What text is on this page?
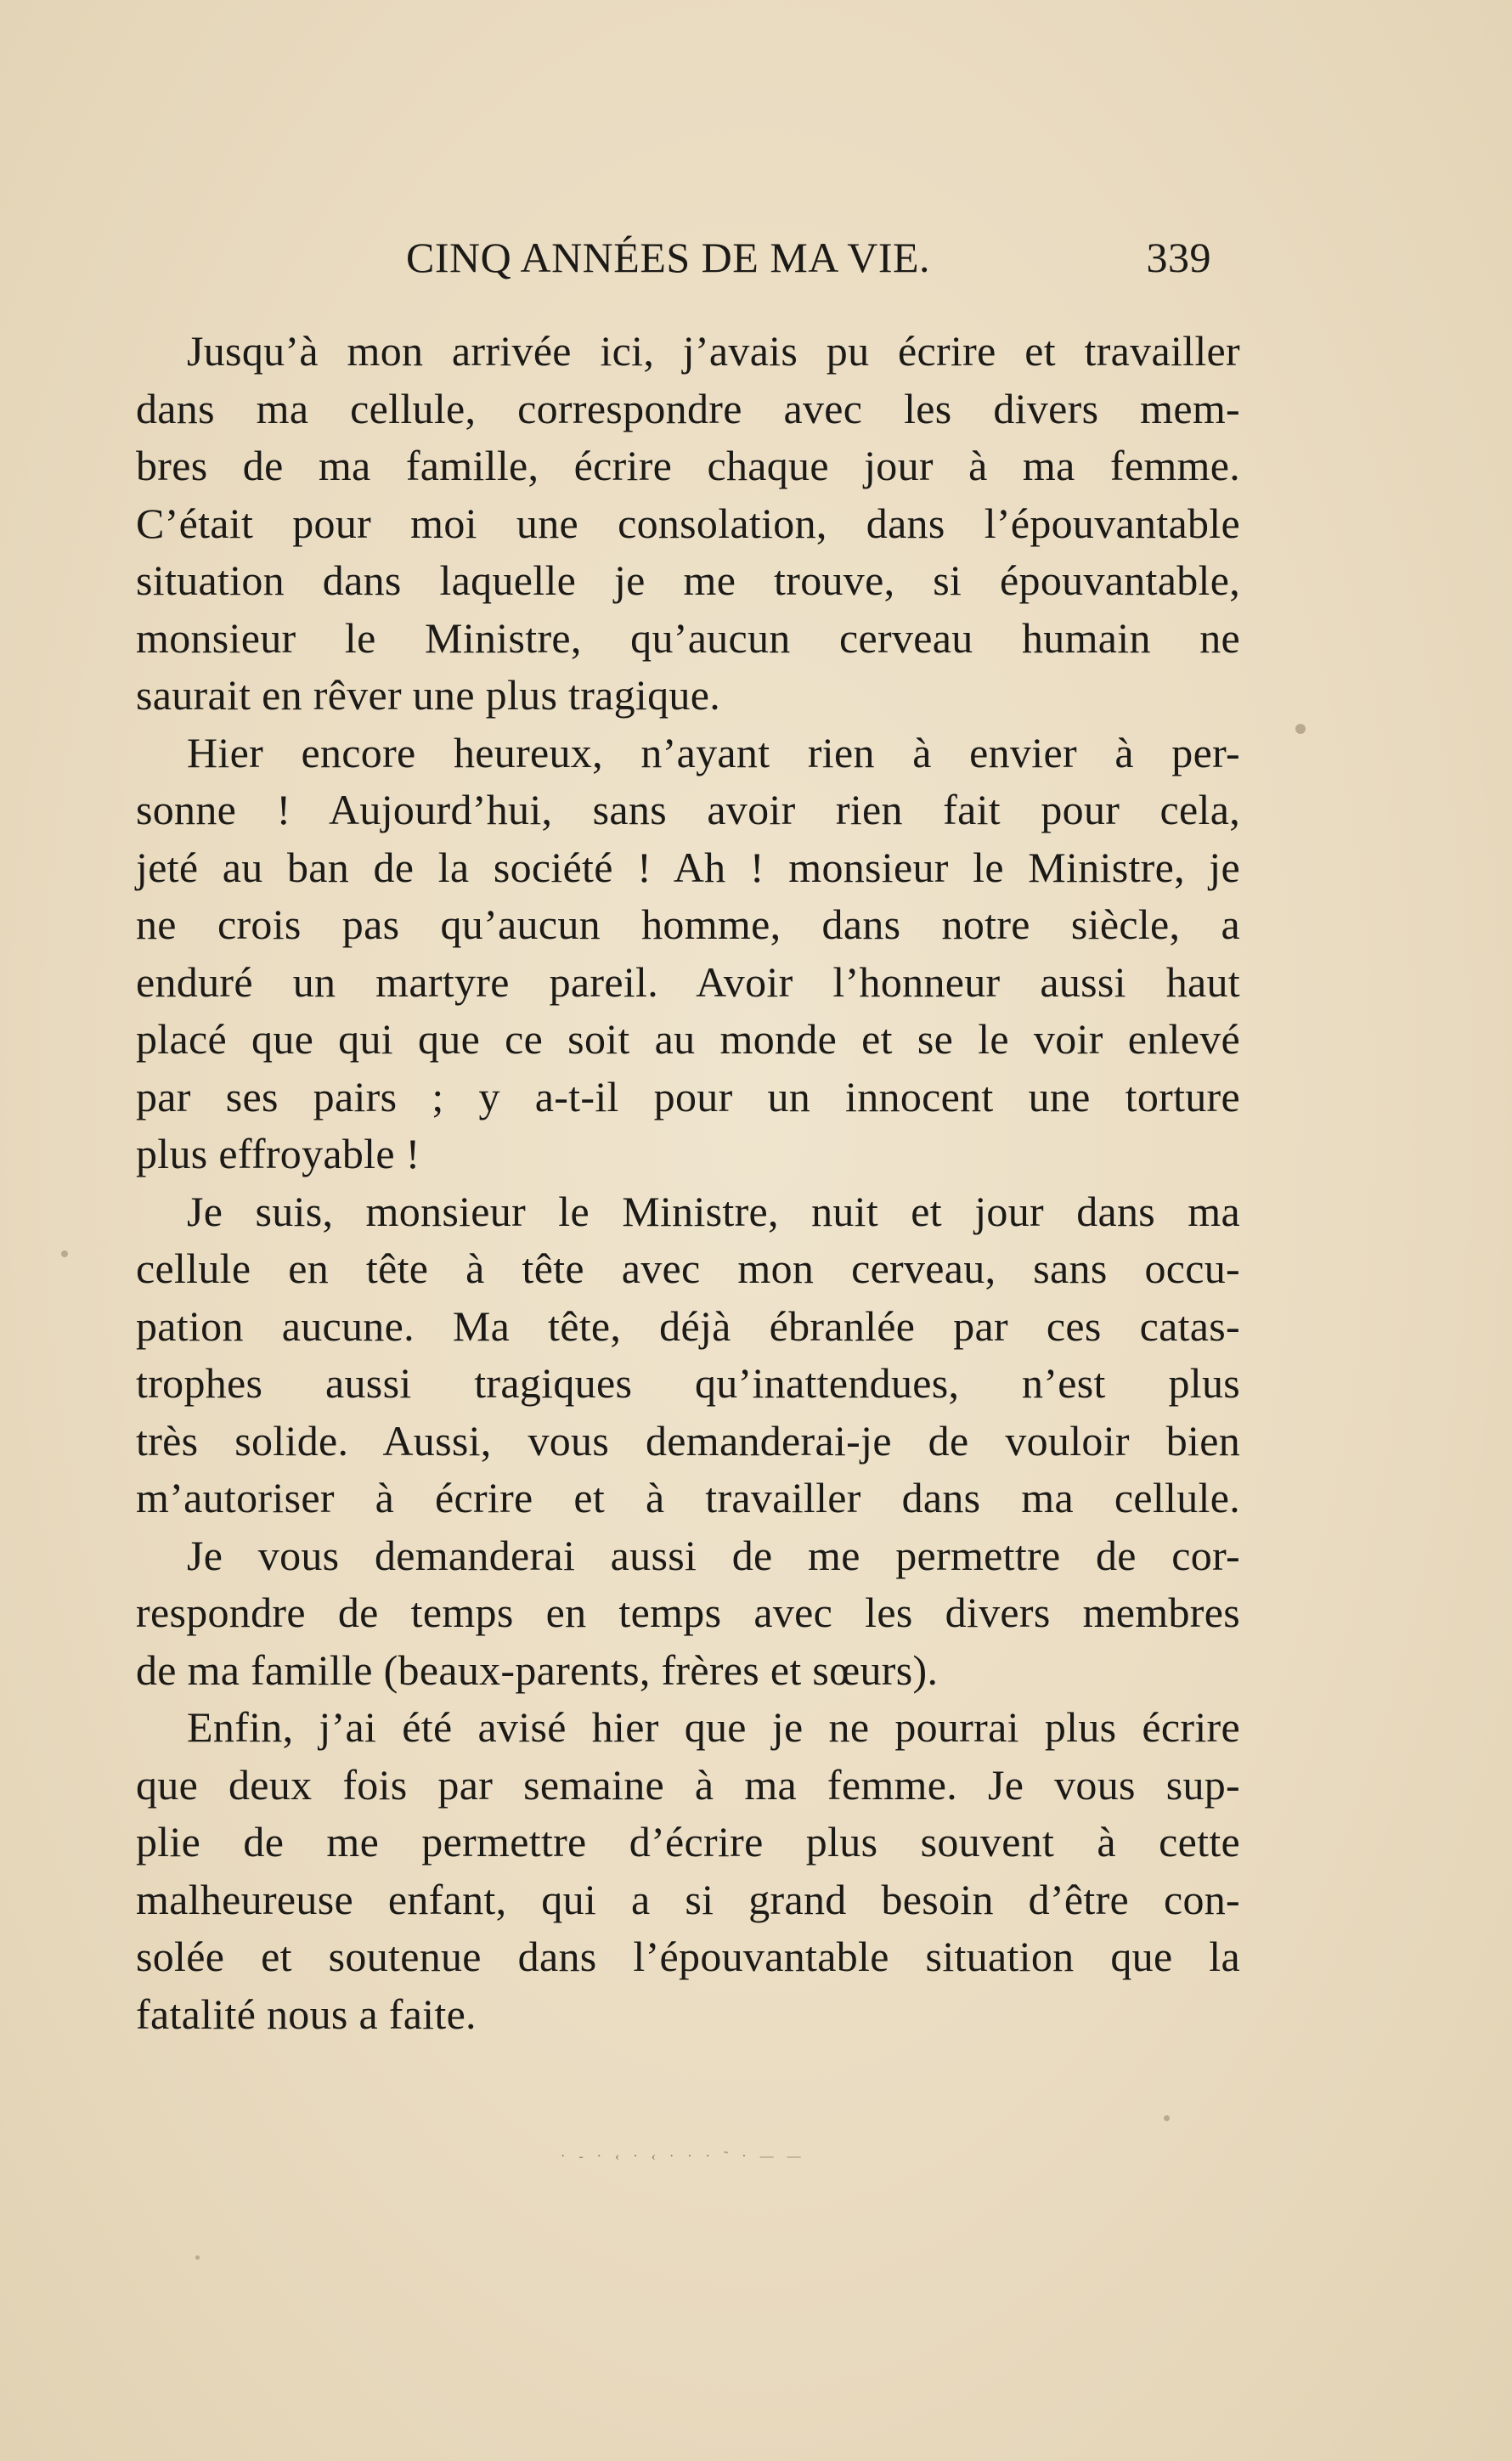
CINQ ANNÉES DE MA VIE.	339
Jusqu’à mon arrivée ici, j’avais pu écrire et travailler
dans ma cellule, correspondre avec les divers mem-
bres de ma famille, écrire chaque jour à ma femme.
C’était pour moi une consolation, dans l’épouvantable
situation dans laquelle je me trouve, si épouvantable,
monsieur le Ministre, qu’aucun cerveau humain ne
saurait en rêver une plus tragique.
Hier encore heureux, n’ayant rien à envier à per-
sonne ! Aujourd’hui, sans avoir rien fait pour cela,
jeté au ban de la société ! Ah ! monsieur le Ministre, je
ne crois pas qu’aucun homme, dans notre siècle, a
enduré un martyre pareil. Avoir l’honneur aussi haut
placé que qui que ce soit au monde et se le voir enlevé
par ses pairs ; y a-t-il pour un innocent une torture
plus effroyable !
Je suis, monsieur le Ministre, nuit et jour dans ma
cellule en tête à tête avec mon cerveau, sans occu-
pation aucune. Ma tête, déjà ébranlée par ces catas-
trophes aussi tragiques qu’inattendues, n’est plus
très solide. Aussi, vous demanderai-je de vouloir bien
m’autoriser à écrire et à travailler dans ma cellule.
Je vous demanderai aussi de me permettre de cor-
respondre de temps en temps avec les divers membres
de ma famille (beaux-parents, frères et sœurs).
Enfin, j’ai été avisé hier que je ne pourrai plus écrire
que deux fois par semaine à ma femme. Je vous sup-
plie de me permettre d’écrire plus souvent à cette
malheureuse enfant, qui a si grand besoin d’être con-
solée et soutenue dans l’épouvantable situation que la
fatalité nous a faite.
· - · ‹ · ‹ · · · ˜ · — —
